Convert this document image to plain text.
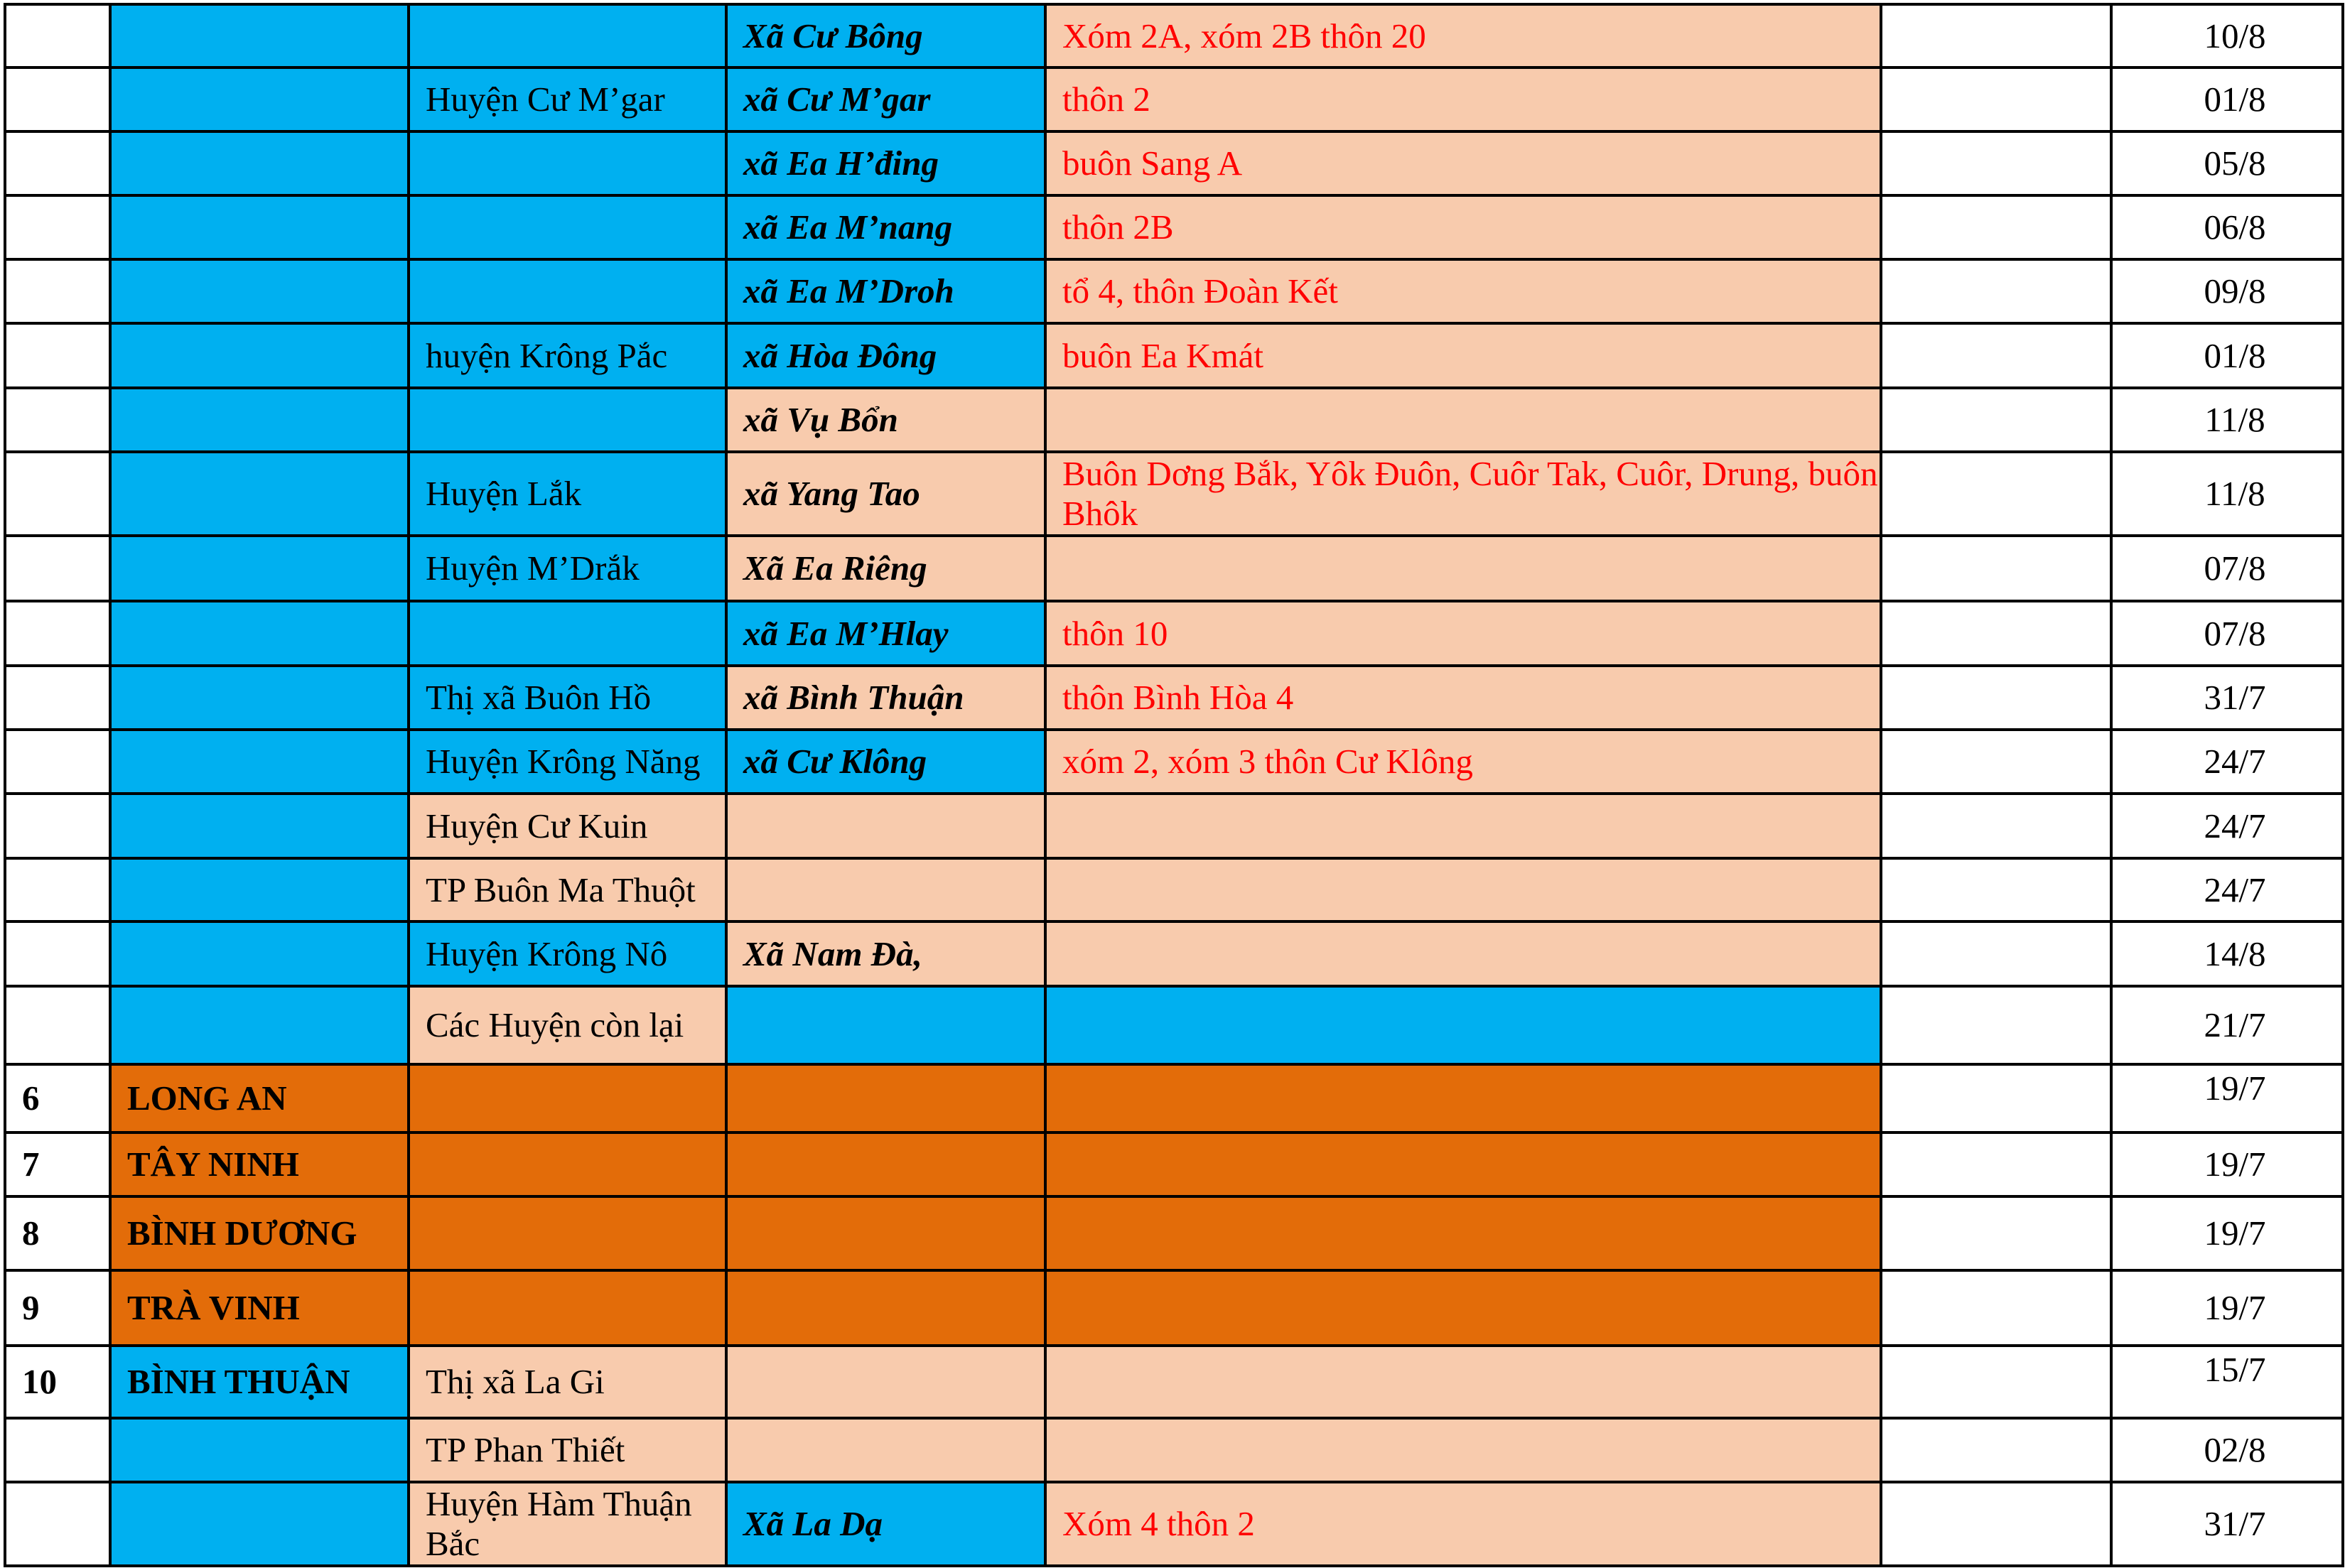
			Xã Cư Bông	Xóm 2A, xóm 2B thôn 20		10/8
		Huyện Cư M’gar	xã Cư M’gar	thôn 2		01/8
			xã Ea H’đing	buôn Sang A		05/8
			xã Ea M’nang	thôn 2B		06/8
			xã Ea M’Droh	tổ 4, thôn Đoàn Kết		09/8
		huyện Krông Pắc	xã Hòa Đông	buôn Ea Kmát		01/8
			xã Vụ Bổn			11/8
		Huyện Lắk	xã Yang Tao	Buôn Dơng Bắk, Yôk Đuôn, Cuôr Tak, Cuôr, Drung, buôn Bhôk		11/8
		Huyện M’Drắk	Xã Ea Riêng			07/8
			xã Ea M’Hlay	thôn 10		07/8
		Thị xã Buôn Hồ	xã Bình Thuận	thôn Bình Hòa 4		31/7
		Huyện Krông Năng	xã Cư Klông	xóm 2, xóm 3 thôn Cư Klông		24/7
		Huyện Cư Kuin				24/7
		TP Buôn Ma Thuột				24/7
		Huyện Krông Nô	Xã Nam Đà,			14/8
		Các Huyện còn lại				21/7
6	LONG AN					19/7
7	TÂY NINH					19/7
8	BÌNH DƯƠNG					19/7
9	TRÀ VINH					19/7
10	BÌNH THUẬN	Thị xã La Gi				15/7
		TP Phan Thiết				02/8
		Huyện Hàm Thuận Bắc	Xã La Dạ	Xóm 4 thôn 2		31/7
